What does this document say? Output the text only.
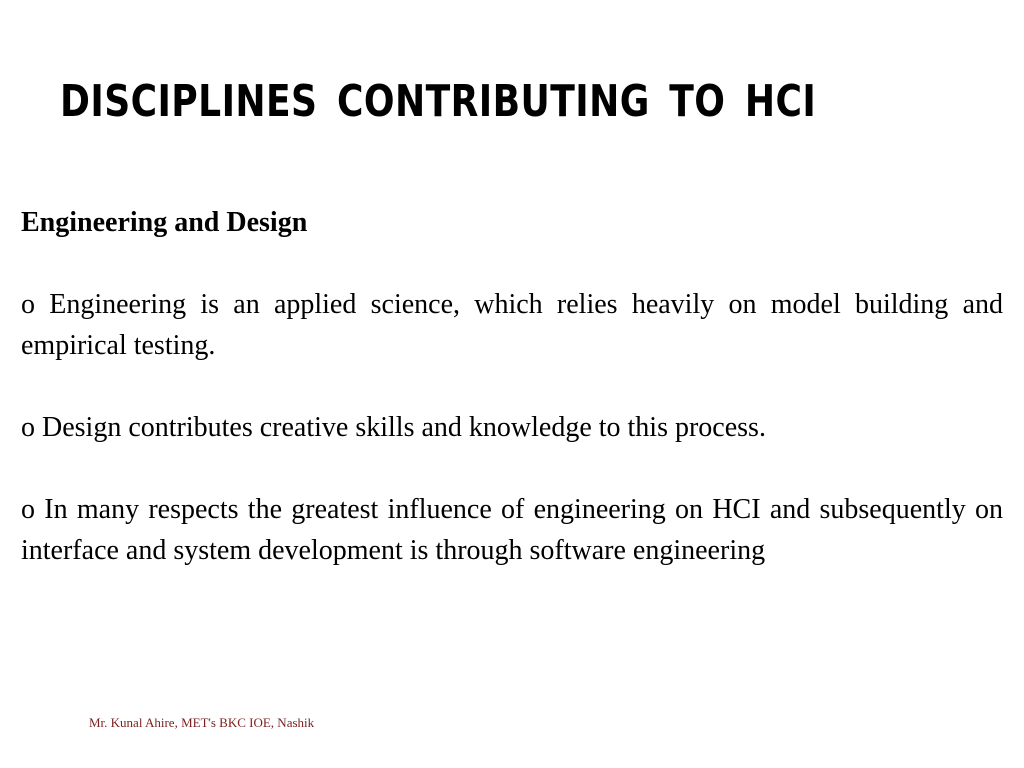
DISCIPLINES CONTRIBUTING TO HCI

Engineering and Design

o Engineering is an applied science, which relies heavily on model building and empirical testing.

o Design contributes creative skills and knowledge to this process.

o In many respects the greatest influence of engineering on HCI and subsequently on interface and system development is through software engineering

Mr. Kunal Ahire, MET's BKC IOE, Nashik
